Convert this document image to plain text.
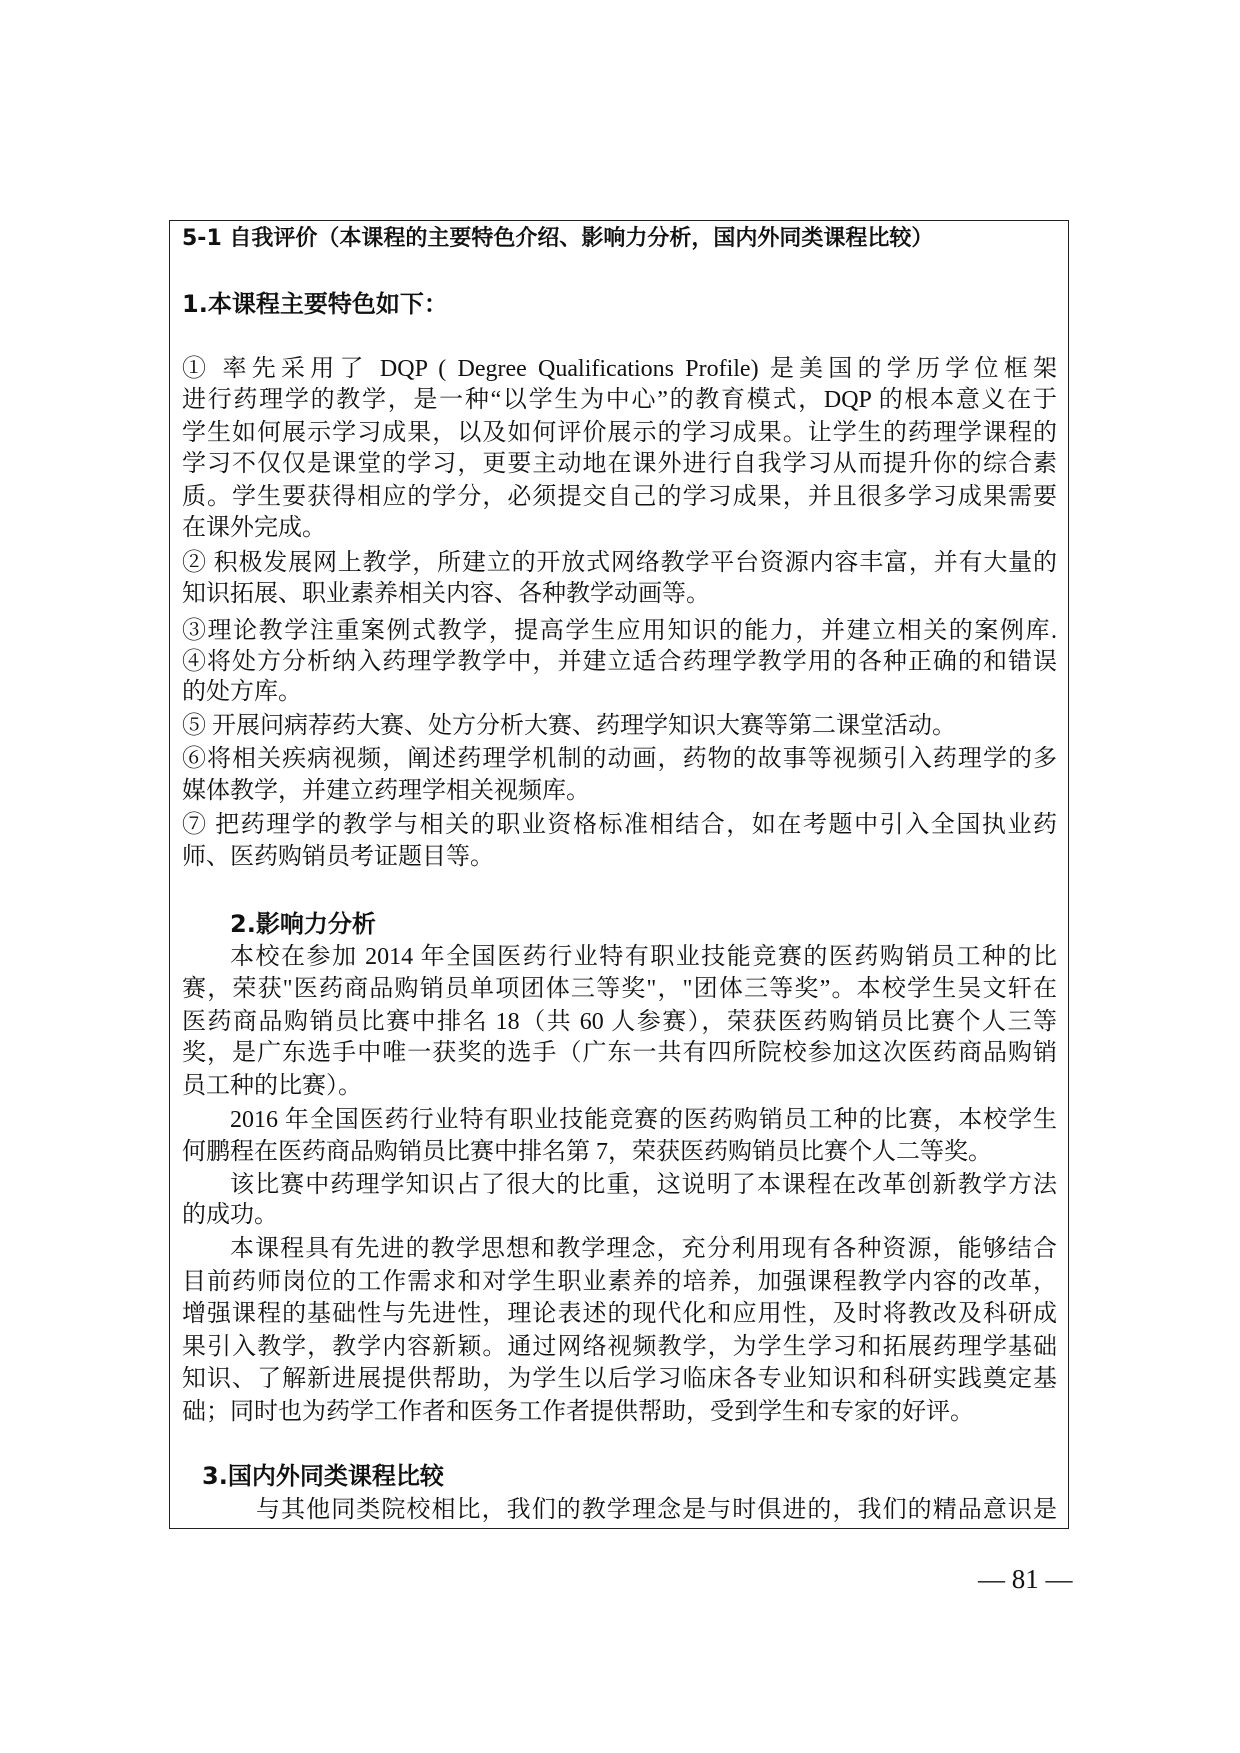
5-1 自我评价（本课程的主要特色介绍、影响力分析，国内外同类课程比较）
1.本课程主要特色如下：
① 率先采用了 DQP ( Degree Qualifications Profile) 是美国的学历学位框架
进行药理学的教学，是一种“以学生为中心”的教育模式，DQP 的根本意义在于
学生如何展示学习成果，以及如何评价展示的学习成果。让学生的药理学课程的
学习不仅仅是课堂的学习，更要主动地在课外进行自我学习从而提升你的综合素
质。学生要获得相应的学分，必须提交自己的学习成果，并且很多学习成果需要
在课外完成。
② 积极发展网上教学，所建立的开放式网络教学平台资源内容丰富，并有大量的
知识拓展、职业素养相关内容、各种教学动画等。
③理论教学注重案例式教学，提高学生应用知识的能力，并建立相关的案例库.
④将处方分析纳入药理学教学中，并建立适合药理学教学用的各种正确的和错误
的处方库。
⑤ 开展问病荐药大赛、处方分析大赛、药理学知识大赛等第二课堂活动。
⑥将相关疾病视频，阐述药理学机制的动画，药物的故事等视频引入药理学的多
媒体教学，并建立药理学相关视频库。
⑦ 把药理学的教学与相关的职业资格标准相结合，如在考题中引入全国执业药
师、医药购销员考证题目等。
2.影响力分析
本校在参加 2014 年全国医药行业特有职业技能竞赛的医药购销员工种的比
赛，荣获"医药商品购销员单项团体三等奖"，"团体三等奖”。本校学生吴文轩在
医药商品购销员比赛中排名 18（共 60 人参赛），荣获医药购销员比赛个人三等
奖，是广东选手中唯一获奖的选手（广东一共有四所院校参加这次医药商品购销
员工种的比赛）。
2016 年全国医药行业特有职业技能竞赛的医药购销员工种的比赛，本校学生
何鹏程在医药商品购销员比赛中排名第 7，荣获医药购销员比赛个人二等奖。
该比赛中药理学知识占了很大的比重，这说明了本课程在改革创新教学方法
的成功。
本课程具有先进的教学思想和教学理念，充分利用现有各种资源，能够结合
目前药师岗位的工作需求和对学生职业素养的培养，加强课程教学内容的改革，
增强课程的基础性与先进性，理论表述的现代化和应用性，及时将教改及科研成
果引入教学，教学内容新颖。通过网络视频教学，为学生学习和拓展药理学基础
知识、了解新进展提供帮助，为学生以后学习临床各专业知识和科研实践奠定基
础；同时也为药学工作者和医务工作者提供帮助，受到学生和专家的好评。
3.国内外同类课程比较
与其他同类院校相比，我们的教学理念是与时俱进的，我们的精品意识是
— 81 —
